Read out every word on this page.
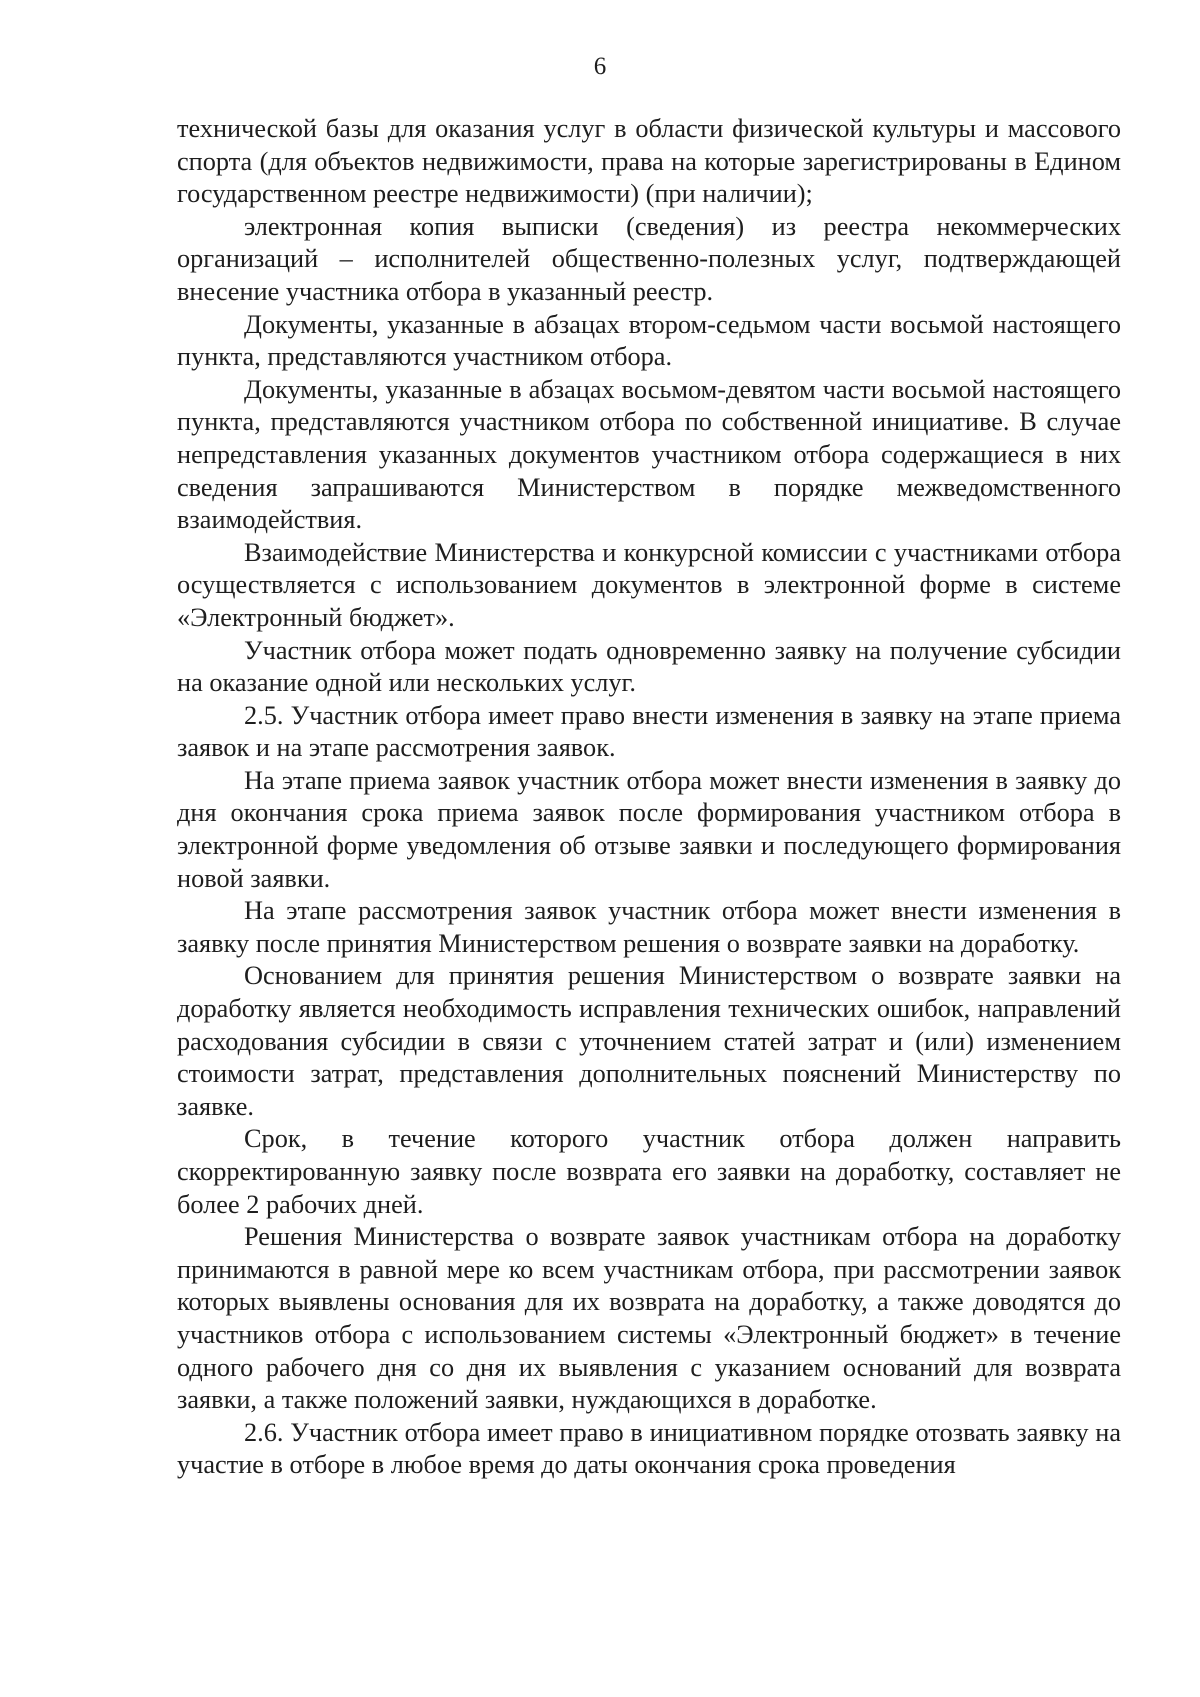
6

технической базы для оказания услуг в области физической культуры и массового спорта (для объектов недвижимости, права на которые зарегистрированы в Едином государственном реестре недвижимости) (при наличии);

электронная копия выписки (сведения) из реестра некоммерческих организаций – исполнителей общественно-полезных услуг, подтверждающей внесение участника отбора в указанный реестр.

Документы, указанные в абзацах втором-седьмом части восьмой настоящего пункта, представляются участником отбора.

Документы, указанные в абзацах восьмом-девятом части восьмой настоящего пункта, представляются участником отбора по собственной инициативе. В случае непредставления указанных документов участником отбора содержащиеся в них сведения запрашиваются Министерством в порядке межведомственного взаимодействия.

Взаимодействие Министерства и конкурсной комиссии с участниками отбора осуществляется с использованием документов в электронной форме в системе «Электронный бюджет».

Участник отбора может подать одновременно заявку на получение субсидии на оказание одной или нескольких услуг.

2.5. Участник отбора имеет право внести изменения в заявку на этапе приема заявок и на этапе рассмотрения заявок.

На этапе приема заявок участник отбора может внести изменения в заявку до дня окончания срока приема заявок после формирования участником отбора в электронной форме уведомления об отзыве заявки и последующего формирования новой заявки.

На этапе рассмотрения заявок участник отбора может внести изменения в заявку после принятия Министерством решения о возврате заявки на доработку.

Основанием для принятия решения Министерством о возврате заявки на доработку является необходимость исправления технических ошибок, направлений расходования субсидии в связи с уточнением статей затрат и (или) изменением стоимости затрат, представления дополнительных пояснений Министерству по заявке.

Срок, в течение которого участник отбора должен направить скорректированную заявку после возврата его заявки на доработку, составляет не более 2 рабочих дней.

Решения Министерства о возврате заявок участникам отбора на доработку принимаются в равной мере ко всем участникам отбора, при рассмотрении заявок которых выявлены основания для их возврата на доработку, а также доводятся до участников отбора с использованием системы «Электронный бюджет» в течение одного рабочего дня со дня их выявления с указанием оснований для возврата заявки, а также положений заявки, нуждающихся в доработке.

2.6. Участник отбора имеет право в инициативном порядке отозвать заявку на участие в отборе в любое время до даты окончания срока проведения
